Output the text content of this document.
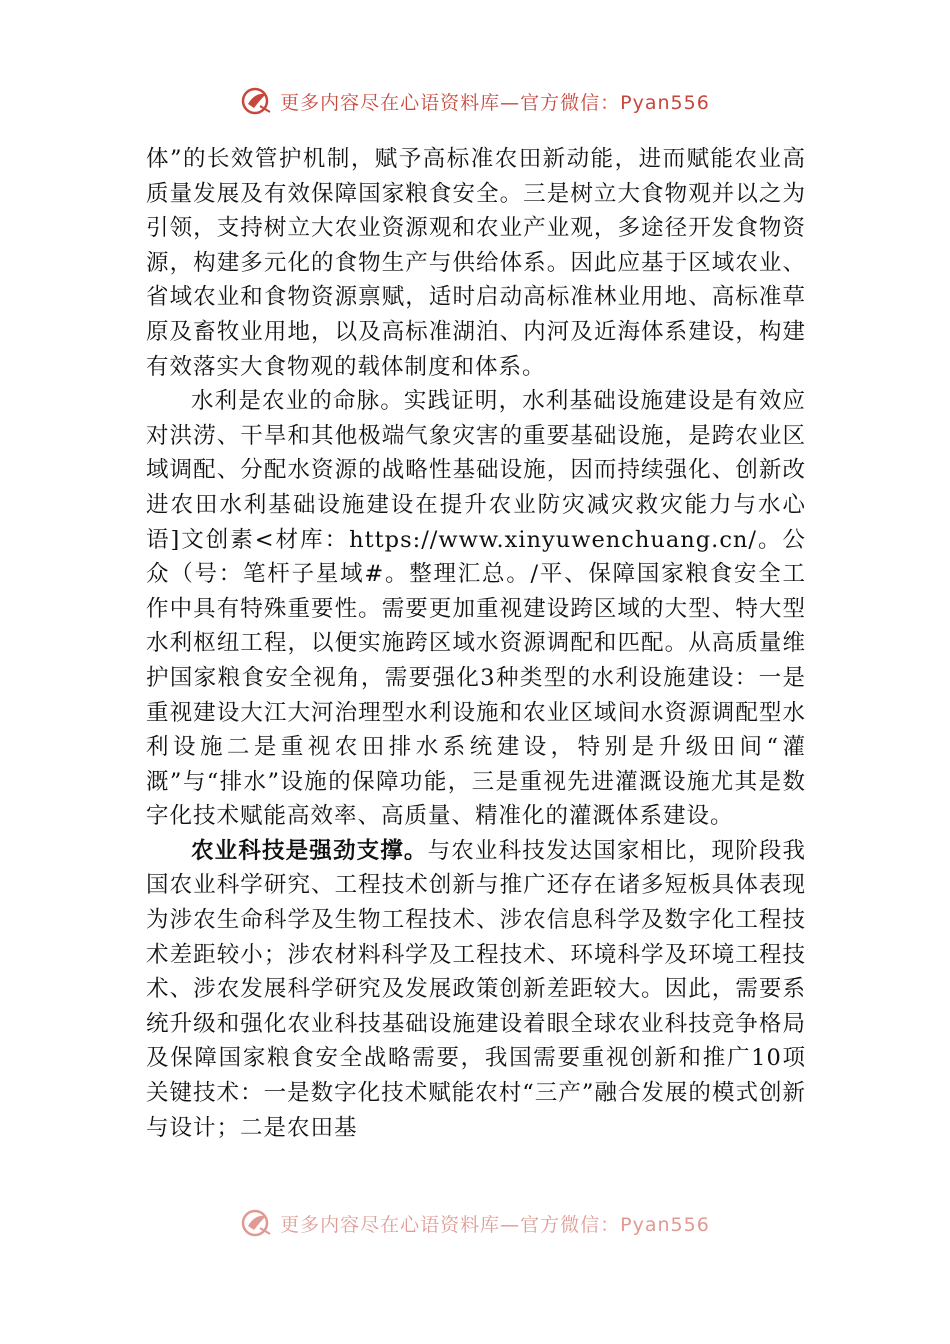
更多内容尽在心语资料库—官方微信：Pyan556

体”的长效管护机制，赋予高标准农田新动能，进而赋能农业高质量发展及有效保障国家粮食安全。三是树立大食物观并以之为引领，支持树立大农业资源观和农业产业观，多途径开发食物资源，构建多元化的食物生产与供给体系。因此应基于区域农业、省域农业和食物资源禀赋，适时启动高标准林业用地、高标准草原及畜牧业用地，以及高标准湖泊、内河及近海体系建设，构建有效落实大食物观的载体制度和体系。

水利是农业的命脉。实践证明，水利基础设施建设是有效应对洪涝、干旱和其他极端气象灾害的重要基础设施，是跨农业区域调配、分配水资源的战略性基础设施，因而持续强化、创新改进农田水利基础设施建设在提升农业防灾减灾救灾能力与水心语]文创素<材库：https://www.xinyuwenchuang.cn/。公众（号：笔杆子星域#。整理汇总。/平、保障国家粮食安全工作中具有特殊重要性。需要更加重视建设跨区域的大型、特大型水利枢纽工程，以便实施跨区域水资源调配和匹配。从高质量维护国家粮食安全视角，需要强化3种类型的水利设施建设：一是重视建设大江大河治理型水利设施和农业区域间水资源调配型水利设施二是重视农田排水系统建设，特别是升级田间“灌溉”与“排水”设施的保障功能，三是重视先进灌溉设施尤其是数字化技术赋能高效率、高质量、精准化的灌溉体系建设。

农业科技是强劲支撑。与农业科技发达国家相比，现阶段我国农业科学研究、工程技术创新与推广还存在诸多短板具体表现为涉农生命科学及生物工程技术、涉农信息科学及数字化工程技术差距较小；涉农材料科学及工程技术、环境科学及环境工程技术、涉农发展科学研究及发展政策创新差距较大。因此，需要系统升级和强化农业科技基础设施建设着眼全球农业科技竞争格局及保障国家粮食安全战略需要，我国需要重视创新和推广10项关键技术：一是数字化技术赋能农村“三产”融合发展的模式创新与设计；二是农田基

更多内容尽在心语资料库—官方微信：Pyan556
